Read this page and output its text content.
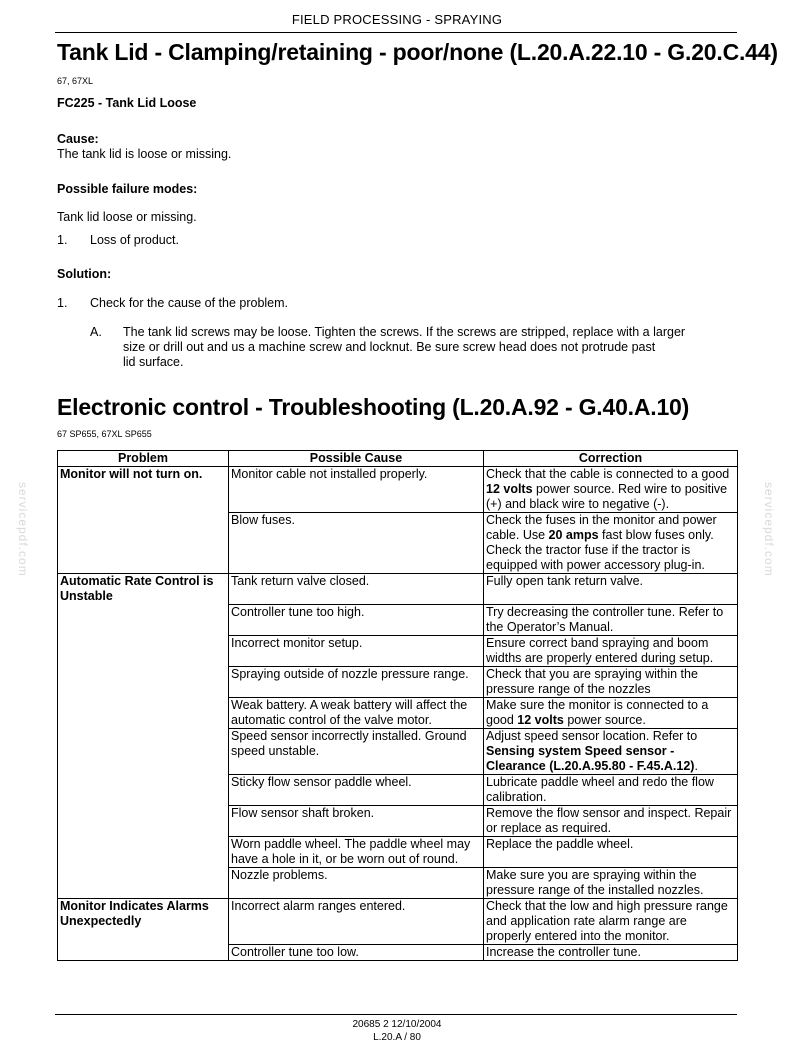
FIELD PROCESSING - SPRAYING
Tank Lid - Clamping/retaining - poor/none (L.20.A.22.10 - G.20.C.44)
67, 67XL
FC225 - Tank Lid Loose
Cause:
The tank lid is loose or missing.
Possible failure modes:
Tank lid loose or missing.
1. Loss of product.
Solution:
1. Check for the cause of the problem.
A. The tank lid screws may be loose. Tighten the screws. If the screws are stripped, replace with a larger
size or drill out and us a machine screw and locknut. Be sure screw head does not protrude past
lid surface.
Electronic control - Troubleshooting (L.20.A.92 - G.40.A.10)
67 SP655, 67XL SP655
Problem	Possible Cause	Correction
Monitor will not turn on.	Monitor cable not installed properly.	Check that the cable is connected to a good 12 volts power source. Red wire to positive (+) and black wire to negative (-).
	Blow fuses.	Check the fuses in the monitor and power cable. Use 20 amps fast blow fuses only. Check the tractor fuse if the tractor is equipped with power accessory plug-in.
Automatic Rate Control is Unstable	Tank return valve closed.	Fully open tank return valve.
	Controller tune too high.	Try decreasing the controller tune. Refer to the Operator’s Manual.
	Incorrect monitor setup.	Ensure correct band spraying and boom widths are properly entered during setup.
	Spraying outside of nozzle pressure range.	Check that you are spraying within the pressure range of the nozzles
	Weak battery. A weak battery will affect the automatic control of the valve motor.	Make sure the monitor is connected to a good 12 volts power source.
	Speed sensor incorrectly installed. Ground speed unstable.	Adjust speed sensor location. Refer to Sensing system Speed sensor - Clearance (L.20.A.95.80 - F.45.A.12).
	Sticky flow sensor paddle wheel.	Lubricate paddle wheel and redo the flow calibration.
	Flow sensor shaft broken.	Remove the flow sensor and inspect. Repair or replace as required.
	Worn paddle wheel. The paddle wheel may have a hole in it, or be worn out of round.	Replace the paddle wheel.
	Nozzle problems.	Make sure you are spraying within the pressure range of the installed nozzles.
Monitor Indicates Alarms Unexpectedly	Incorrect alarm ranges entered.	Check that the low and high pressure range and application rate alarm range are properly entered into the monitor.
	Controller tune too low.	Increase the controller tune.
servicepdf.com	servicepdf.com
20685 2 12/10/2004
L.20.A / 80
